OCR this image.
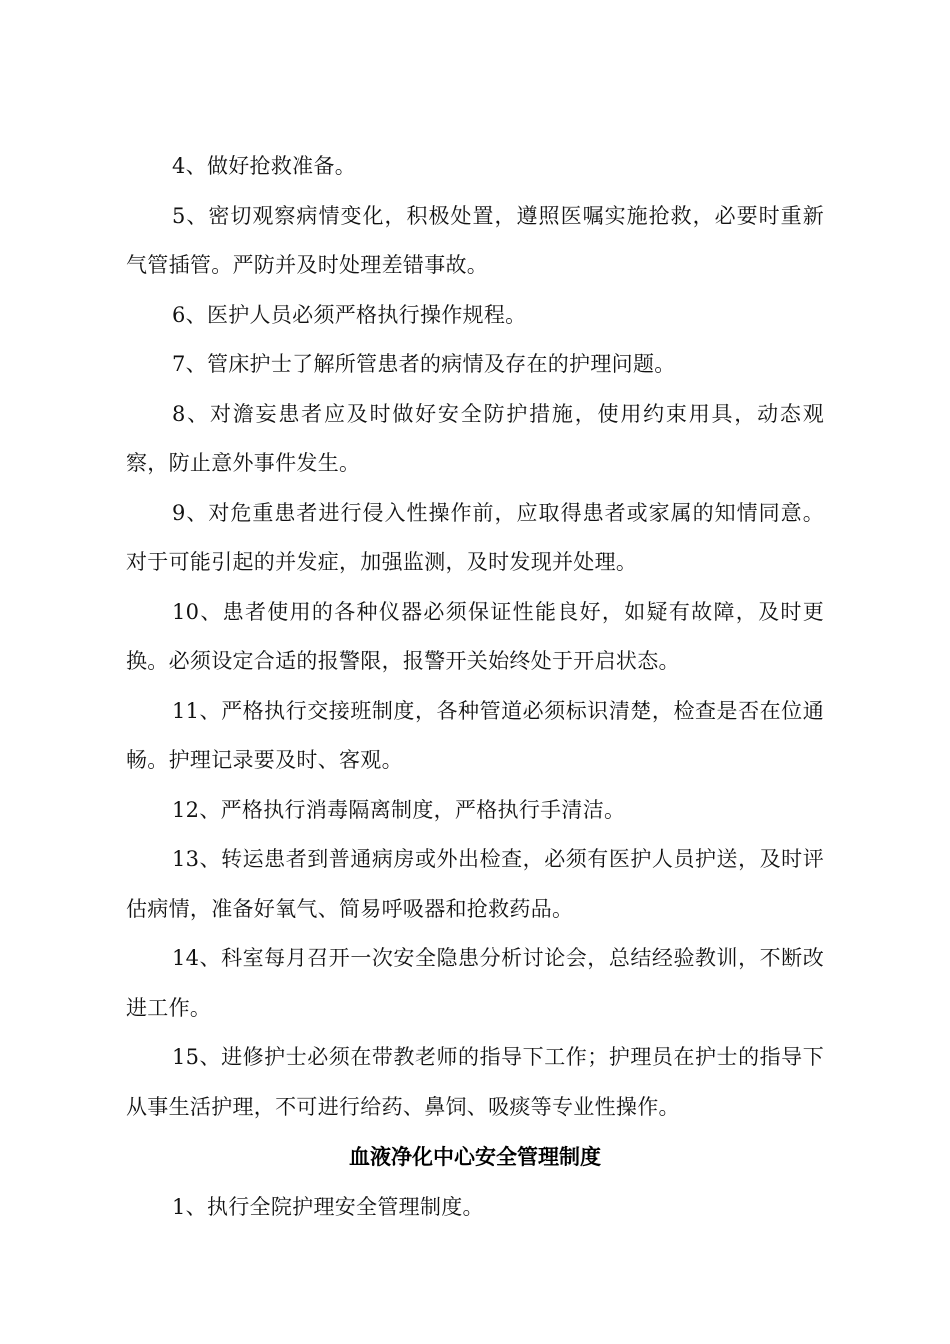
4、做好抢救准备。

5、密切观察病情变化，积极处置，遵照医嘱实施抢救，必要时重新气管插管。严防并及时处理差错事故。

6、医护人员必须严格执行操作规程。

7、管床护士了解所管患者的病情及存在的护理问题。

8、对澹妄患者应及时做好安全防护措施，使用约束用具，动态观察，防止意外事件发生。

9、对危重患者进行侵入性操作前，应取得患者或家属的知情同意。对于可能引起的并发症，加强监测，及时发现并处理。

10、患者使用的各种仪器必须保证性能良好，如疑有故障，及时更换。必须设定合适的报警限，报警开关始终处于开启状态。

11、严格执行交接班制度，各种管道必须标识清楚，检查是否在位通畅。护理记录要及时、客观。

12、严格执行消毒隔离制度，严格执行手清洁。

13、转运患者到普通病房或外出检查，必须有医护人员护送，及时评估病情，准备好氧气、简易呼吸器和抢救药品。

14、科室每月召开一次安全隐患分析讨论会，总结经验教训，不断改进工作。

15、进修护士必须在带教老师的指导下工作；护理员在护士的指导下从事生活护理，不可进行给药、鼻饲、吸痰等专业性操作。

血液净化中心安全管理制度

1、执行全院护理安全管理制度。
